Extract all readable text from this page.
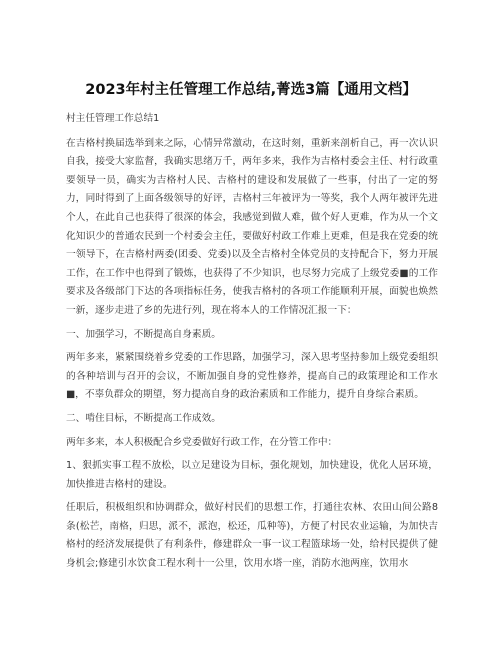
2023年村主任管理工作总结,菁选3篇【通用文档】
村主任管理工作总结1

在吉格村换届选举到来之际，心情异常激动，在这时刻，重新来剖析自己，再一次认识自我，接受大家监督，我确实思绪万千，两年多来，我作为吉格村委会主任、村行政重要领导一员，确实为吉格村人民、吉格村的建设和发展做了一些事，付出了一定的努力，同时得到了上面各级领导的好评，吉格村三年被评为一等奖，我个人两年被评先进个人，在此自己也获得了很深的体会，我感觉到做人难，做个好人更难，作为从一个文化知识少的普通农民到一个村委会主任，要做好村政工作难上更难，但是我在党委的统一领导下，在吉格村两委(团委、党委)以及全吉格村全体党员的支持配合下，努力开展工作，在工作中也得到了锻炼，也获得了不少知识，也尽努力完成了上级党委■的工作要求及各级部门下达的各项指标任务，使我吉格村的各项工作能顺利开展，面貌也焕然一新，逐步走进了乡的先进行列，现在将本人的工作情况汇报一下：

一、加强学习，不断提高自身素质。

两年多来，紧紧围绕着乡党委的工作思路，加强学习，深入思考坚持参加上级党委组织的各种培训与召开的会议，不断加强自身的党性修养，提高自己的政策理论和工作水■，不辜负群众的期望，努力提高自身的政治素质和工作能力，提升自身综合素质。

二、啃住目标，不断提高工作成效。

两年多来，本人积极配合乡党委做好行政工作，在分管工作中：

1、狠抓实事工程不放松，以立足建设为目标，强化规划，加快建设，优化人居环境，加快推进吉格村的建设。

任职后，积极组织和协调群众，做好村民们的思想工作，打通往农林、农田山间公路8条(松芒，南格，归思，派不，派泡，松还，瓜种等)，方便了村民农业运输，为加快吉格村的经济发展提供了有利条件，修建群众一事一议工程篮球场一处，给村民提供了健身机会;修建引水饮食工程水利十一公里，饮用水塔一座，消防水池两座，饮用水
